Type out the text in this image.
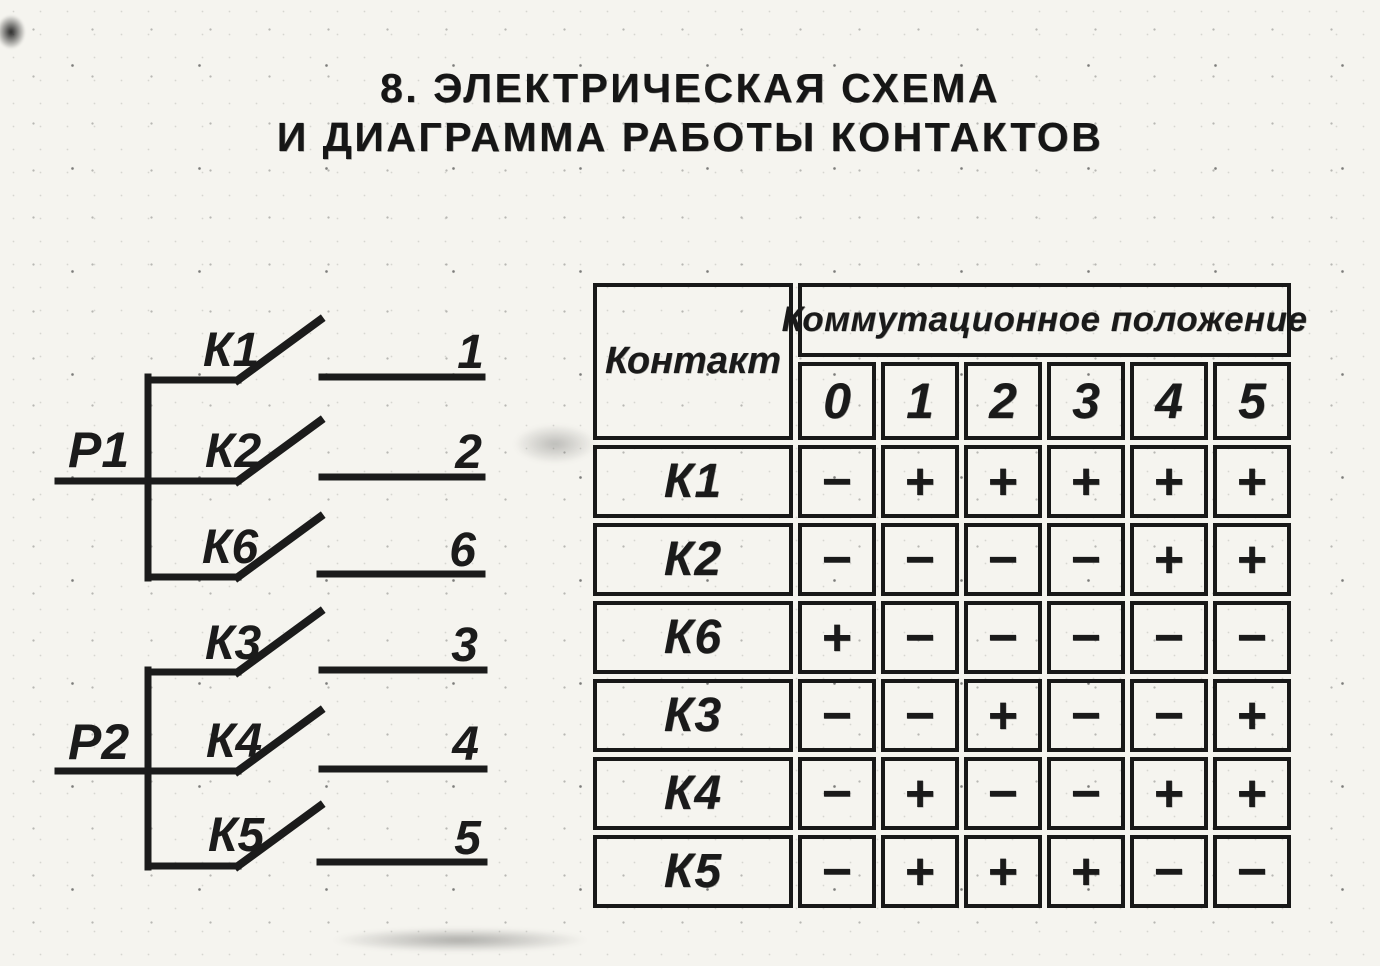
8. ЭЛЕКТРИЧЕСКАЯ СХЕМА
И ДИАГРАММА РАБОТЫ КОНТАКТОВ
Р1
К1
К2
К6
1
2
6
Р2
К3
К4
К5
3
4
5
Контакт
Коммутационное положение
0	1	2	3	4	5
К1	−	+	+	+	+	+
К2	−	−	−	−	+	+
К6	+	−	−	−	−	−
К3	−	−	+	−	−	+
К4	−	+	−	−	+	+
К5	−	+	+	+	−	−
